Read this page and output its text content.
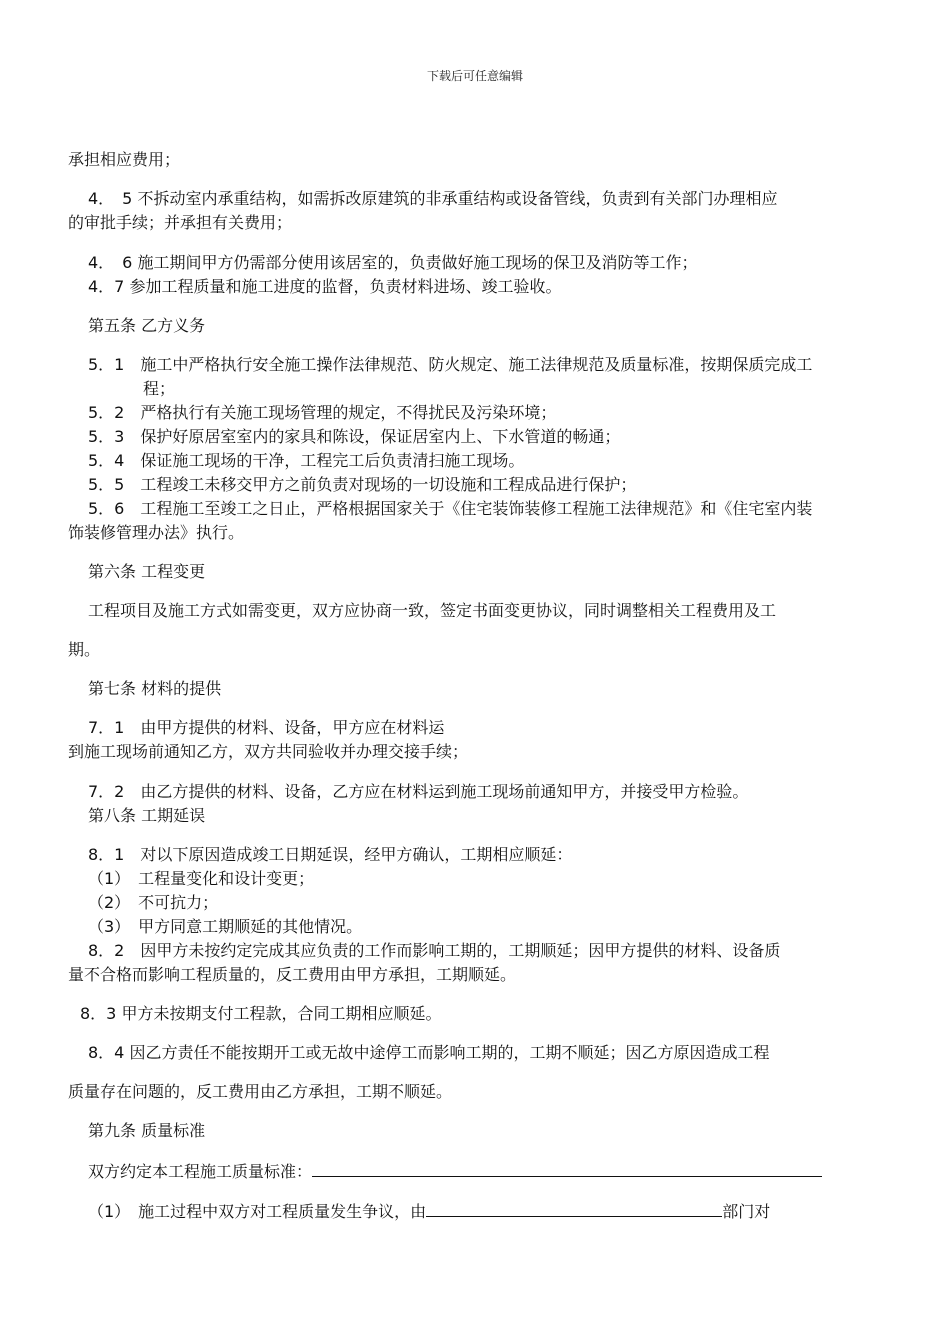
下载后可任意编辑
承担相应费用；
4．　5 不拆动室内承重结构，如需拆改原建筑的非承重结构或设备管线，负责到有关部门办理相应
的审批手续；并承担有关费用；
4．　6 施工期间甲方仍需部分使用该居室的，负责做好施工现场的保卫及消防等工作；
4．7 参加工程质量和施工进度的监督，负责材料进场、竣工验收。
第五条 乙方义务
5．1　施工中严格执行安全施工操作法律规范、防火规定、施工法律规范及质量标准，按期保质完成工
程；
5．2　严格执行有关施工现场管理的规定，不得扰民及污染环境；
5．3　保护好原居室室内的家具和陈设，保证居室内上、下水管道的畅通；
5．4　保证施工现场的干净，工程完工后负责清扫施工现场。
5．5　工程竣工未移交甲方之前负责对现场的一切设施和工程成品进行保护；
5．6　工程施工至竣工之日止，严格根据国家关于《住宅装饰装修工程施工法律规范》和《住宅室内装
饰装修管理办法》执行。
第六条 工程变更
工程项目及施工方式如需变更，双方应协商一致，签定书面变更协议，同时调整相关工程费用及工
期。
第七条 材料的提供
7．1　由甲方提供的材料、设备，甲方应在材料运
到施工现场前通知乙方，双方共同验收并办理交接手续；
7．2　由乙方提供的材料、设备，乙方应在材料运到施工现场前通知甲方，并接受甲方检验。
第八条 工期延误
8．1　对以下原因造成竣工日期延误，经甲方确认，工期相应顺延：
（1）　工程量变化和设计变更；
（2）　不可抗力；
（3）　甲方同意工期顺延的其他情况。
8．2　因甲方未按约定完成其应负责的工作而影响工期的，工期顺延；因甲方提供的材料、设备质
量不合格而影响工程质量的，反工费用由甲方承担，工期顺延。
8．3 甲方未按期支付工程款，合同工期相应顺延。
8．4 因乙方责任不能按期开工或无故中途停工而影响工期的，工期不顺延；因乙方原因造成工程
质量存在问题的，反工费用由乙方承担，工期不顺延。
第九条 质量标准
双方约定本工程施工质量标准：
（1）　施工过程中双方对工程质量发生争议，由	部门对
